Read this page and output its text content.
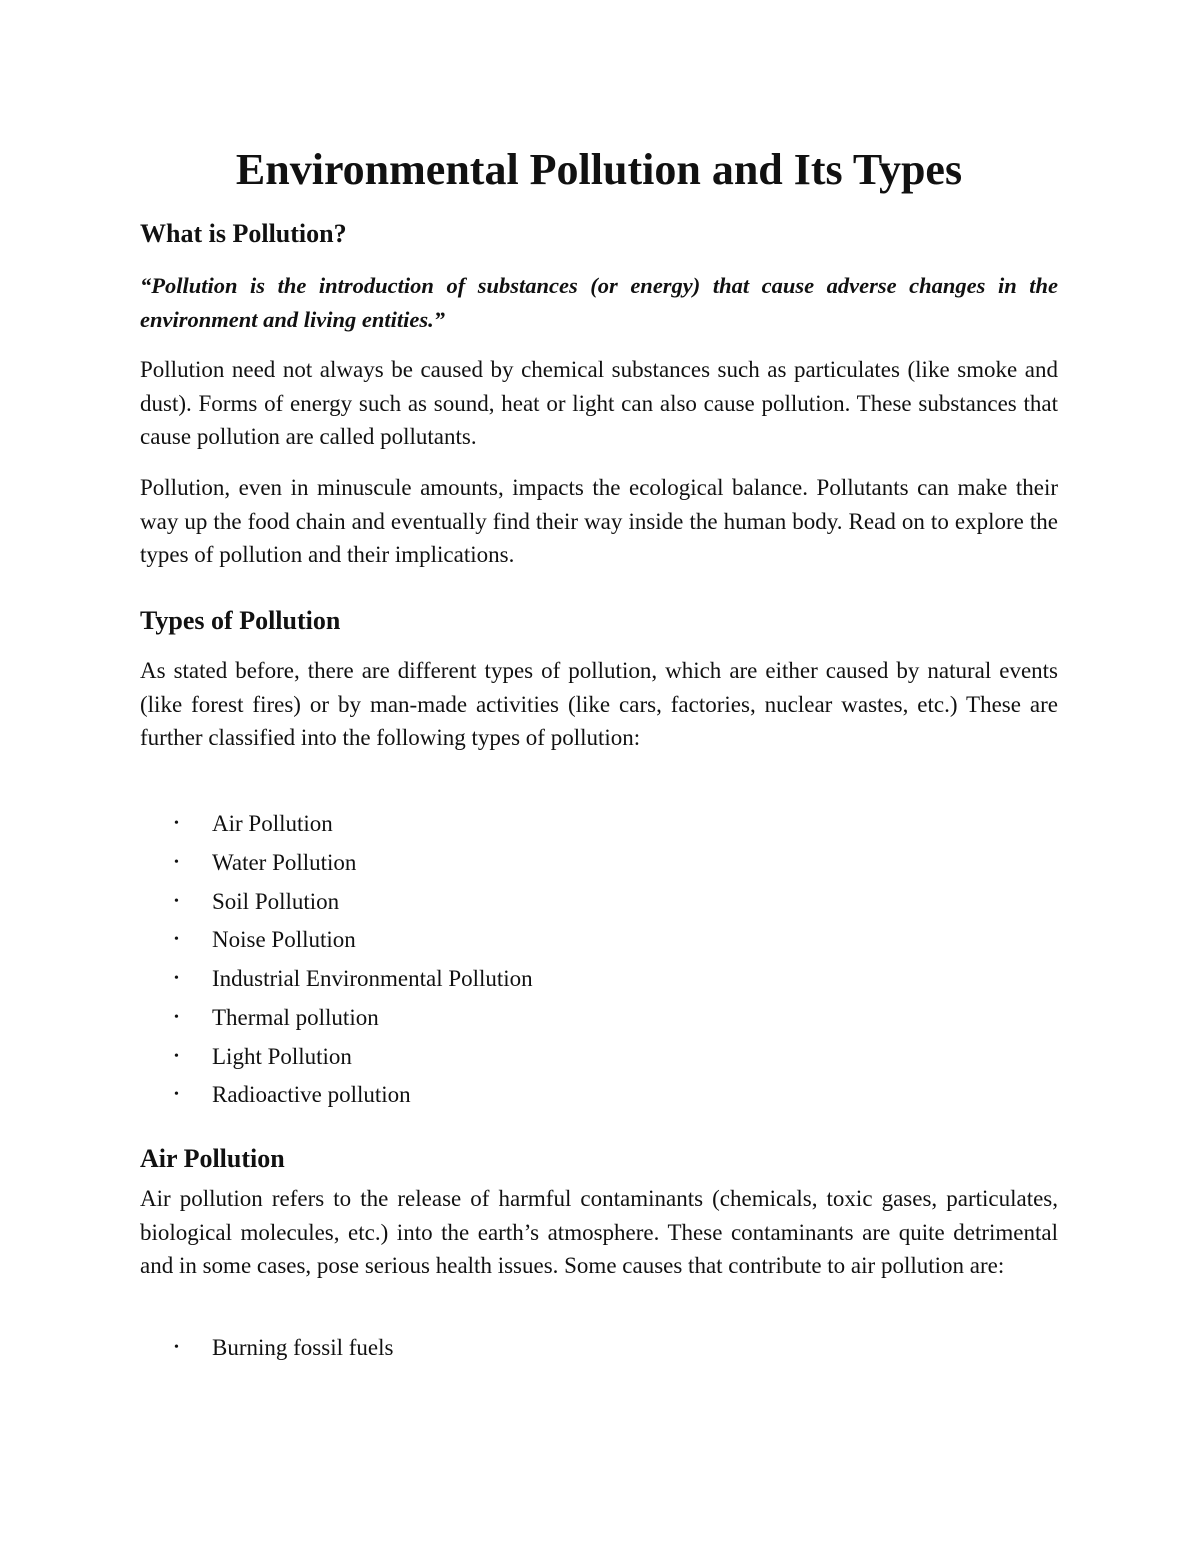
Environmental Pollution and Its Types
What is Pollution?

“Pollution is the introduction of substances (or energy) that cause adverse changes in the environment and living entities.”

Pollution need not always be caused by chemical substances such as particulates (like smoke and dust). Forms of energy such as sound, heat or light can also cause pollution. These substances that cause pollution are called pollutants.

Pollution, even in minuscule amounts, impacts the ecological balance. Pollutants can make their way up the food chain and eventually find their way inside the human body. Read on to explore the types of pollution and their implications.

Types of Pollution

As stated before, there are different types of pollution, which are either caused by natural events (like forest fires) or by man-made activities (like cars, factories, nuclear wastes, etc.) These are further classified into the following types of pollution:

• Air Pollution
• Water Pollution
• Soil Pollution
• Noise Pollution
• Industrial Environmental Pollution
• Thermal pollution
• Light Pollution
• Radioactive pollution
Air Pollution

Air pollution refers to the release of harmful contaminants (chemicals, toxic gases, particulates, biological molecules, etc.) into the earth’s atmosphere. These contaminants are quite detrimental and in some cases, pose serious health issues. Some causes that contribute to air pollution are:

• Burning fossil fuels
